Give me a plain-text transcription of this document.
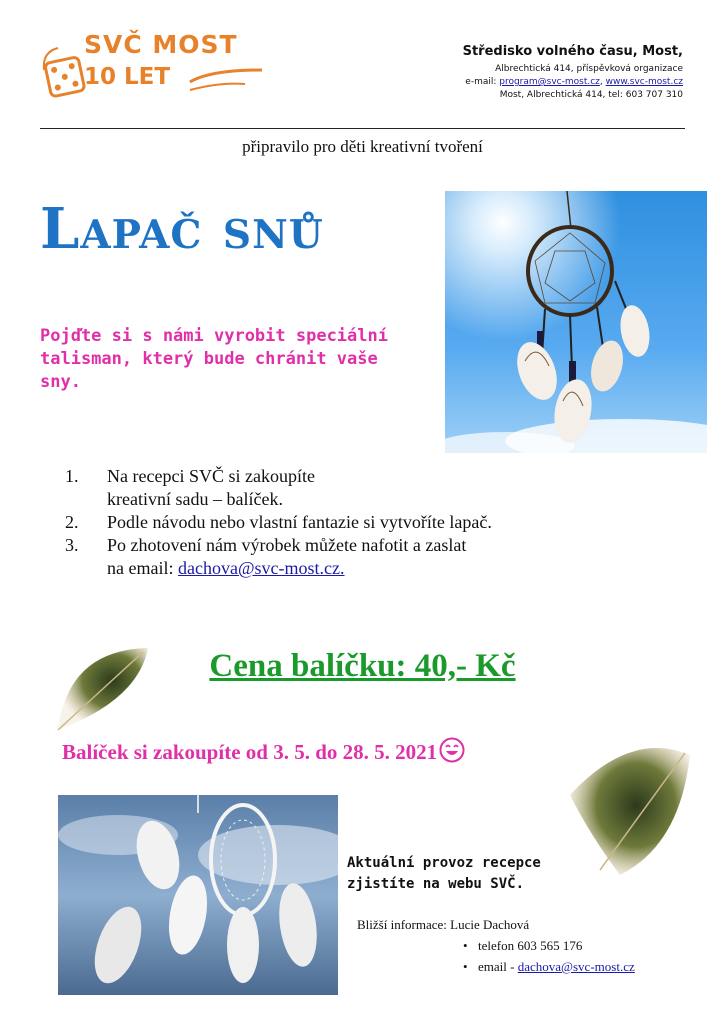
SVČ MOST
10 LET
Středisko volného času, Most,
Albrechtická 414, příspěvková organizace
e-mail: program@svc-most.cz, www.svc-most.cz
Most, Albrechtická 414, tel: 603 707 310
připravilo pro děti kreativní tvoření
Lapač snů
Pojďte si s námi vyrobit speciální talisman, který bude chránit vaše sny.
1. Na recepci SVČ si zakoupíte
kreativní sadu – balíček.
2. Podle návodu nebo vlastní fantazie si vytvoříte lapač.
3. Po zhotovení nám výrobek můžete nafotit a zaslat
na email: dachova@svc-most.cz.
Cena balíčku: 40,- Kč
Balíček si zakoupíte od 3. 5. do 28. 5. 2021
Aktuální provoz recepce
zjistíte na webu SVČ.
Bližší informace: Lucie Dachová
• telefon 603 565 176
• email - dachova@svc-most.cz
